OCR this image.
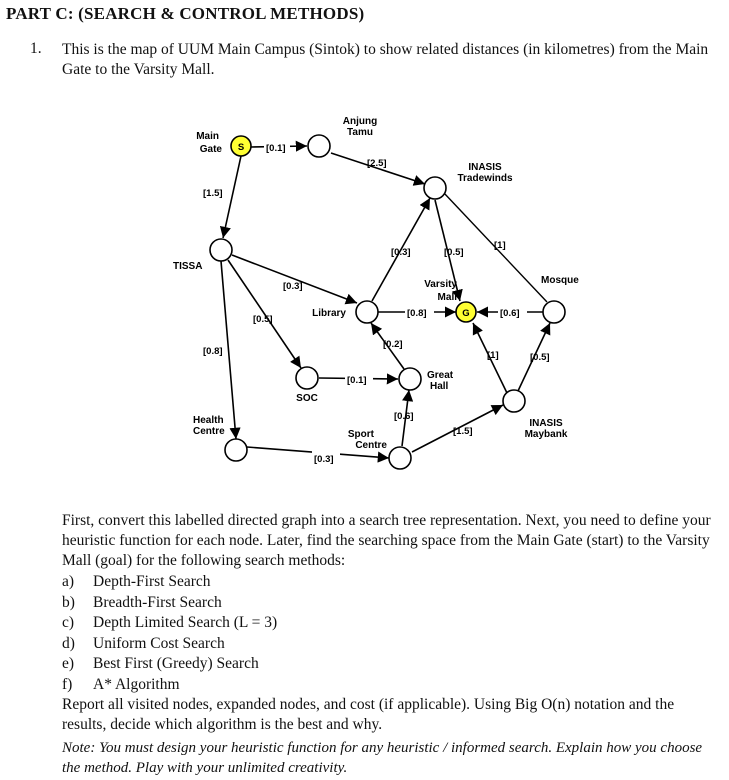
PART C: (SEARCH & CONTROL METHODS)
1. This is the map of UUM Main Campus (Sintok) to show related distances (in kilometres) from the Main Gate to the Varsity Mall.
[0.1]
[2.5]
[1.5]
[0.3]
[0.5]
[0.8]
[0.3]	[0.5]
[1]
[0.8]	[0.6]
[0.2]
[0.1]
[1]	[0.5]
[0.6]
[1.5]
[0.3]
S
G
Main Gate
Anjung Tamu
INASIS Tradewinds
TISSA
Library
Varsity Mall
Mosque
SOC
Great Hall
Health Centre	Sport Centre
INASIS Maybank
First, convert this labelled directed graph into a search tree representation. Next, you need to define your heuristic function for each node. Later, find the searching space from the Main Gate (start) to the Varsity Mall (goal) for the following search methods:
a) Depth-First Search
b) Breadth-First Search
c) Depth Limited Search (L = 3)
d) Uniform Cost Search
e) Best First (Greedy) Search
f) A* Algorithm
Report all visited nodes, expanded nodes, and cost (if applicable). Using Big O(n) notation and the results, decide which algorithm is the best and why.
Note: You must design your heuristic function for any heuristic / informed search. Explain how you choose the method. Play with your unlimited creativity.
